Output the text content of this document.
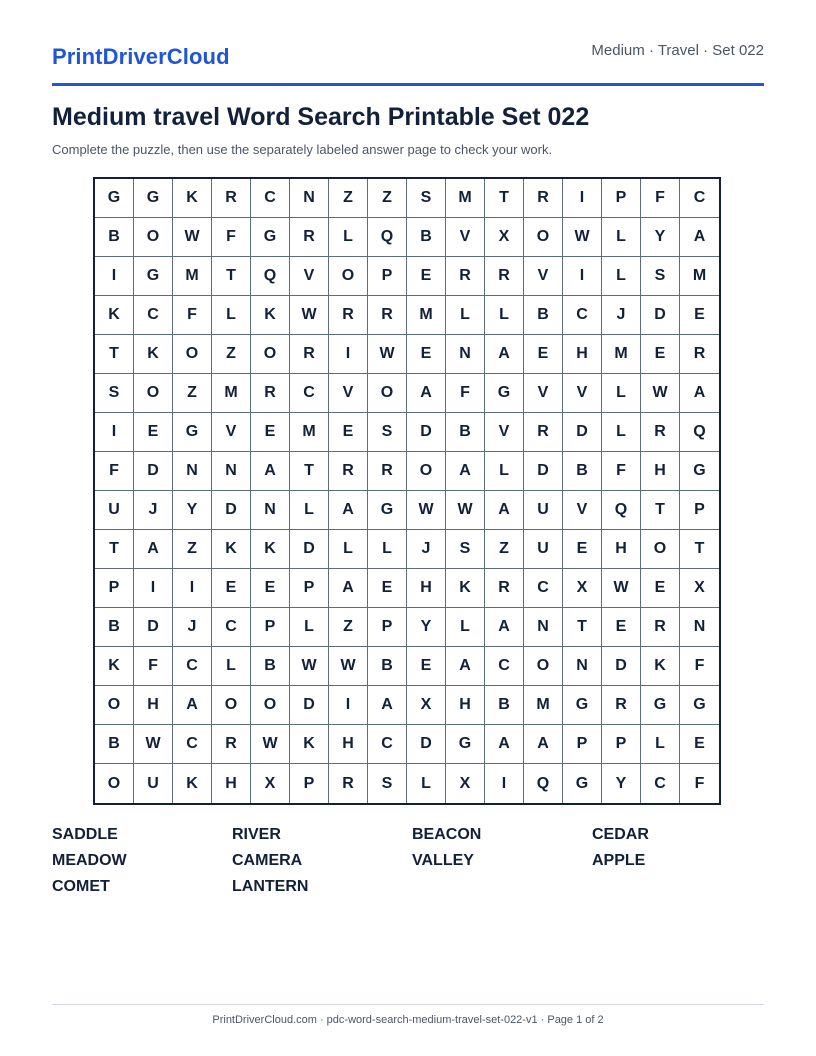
PrintDriverCloud	Medium · Travel · Set 022
Medium travel Word Search Printable Set 022
Complete the puzzle, then use the separately labeled answer page to check your work.
G	G	K	R	C	N	Z	Z	S	M	T	R	I	P	F	C
B	O	W	F	G	R	L	Q	B	V	X	O	W	L	Y	A
I	G	M	T	Q	V	O	P	E	R	R	V	I	L	S	M
K	C	F	L	K	W	R	R	M	L	L	B	C	J	D	E
T	K	O	Z	O	R	I	W	E	N	A	E	H	M	E	R
S	O	Z	M	R	C	V	O	A	F	G	V	V	L	W	A
I	E	G	V	E	M	E	S	D	B	V	R	D	L	R	Q
F	D	N	N	A	T	R	R	O	A	L	D	B	F	H	G
U	J	Y	D	N	L	A	G	W	W	A	U	V	Q	T	P
T	A	Z	K	K	D	L	L	J	S	Z	U	E	H	O	T
P	I	I	E	E	P	A	E	H	K	R	C	X	W	E	X
B	D	J	C	P	L	Z	P	Y	L	A	N	T	E	R	N
K	F	C	L	B	W	W	B	E	A	C	O	N	D	K	F
O	H	A	O	O	D	I	A	X	H	B	M	G	R	G	G
B	W	C	R	W	K	H	C	D	G	A	A	P	P	L	E
O	U	K	H	X	P	R	S	L	X	I	Q	G	Y	C	F
SADDLE	RIVER	BEACON	CEDAR
MEADOW	CAMERA	VALLEY	APPLE
COMET	LANTERN
PrintDriverCloud.com · pdc-word-search-medium-travel-set-022-v1 · Page 1 of 2
